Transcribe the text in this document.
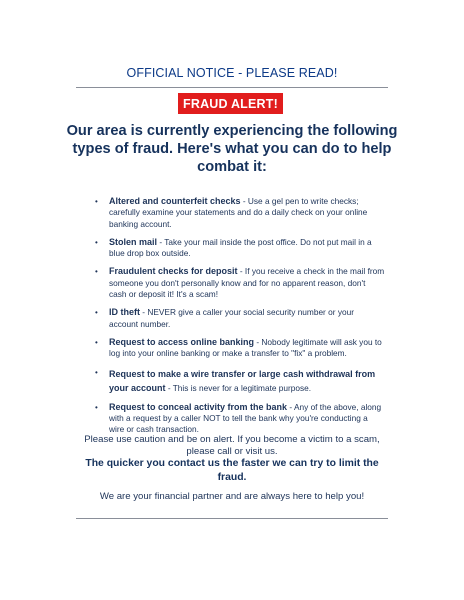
OFFICIAL NOTICE - PLEASE READ!
FRAUD ALERT!
Our area is currently experiencing the following types of fraud. Here's what you can do to help combat it:
• Altered and counterfeit checks - Use a gel pen to write checks; carefully examine your statements and do a daily check on your online banking account.
• Stolen mail - Take your mail inside the post office. Do not put mail in a blue drop box outside.
• Fraudulent checks for deposit - If you receive a check in the mail from someone you don't personally know and for no apparent reason, don't cash or deposit it! It's a scam!
• ID theft - NEVER give a caller your social security number or your account number.
• Request to access online banking - Nobody legitimate will ask you to log into your online banking or make a transfer to "fix" a problem.
• Request to make a wire transfer or large cash withdrawal from your account - This is never for a legitimate purpose.
• Request to conceal activity from the bank - Any of the above, along with a request by a caller NOT to tell the bank why you're conducting a wire or cash transaction.
Please use caution and be on alert. If you become a victim to a scam, please call or visit us.
The quicker you contact us the faster we can try to limit the fraud.
We are your financial partner and are always here to help you!
